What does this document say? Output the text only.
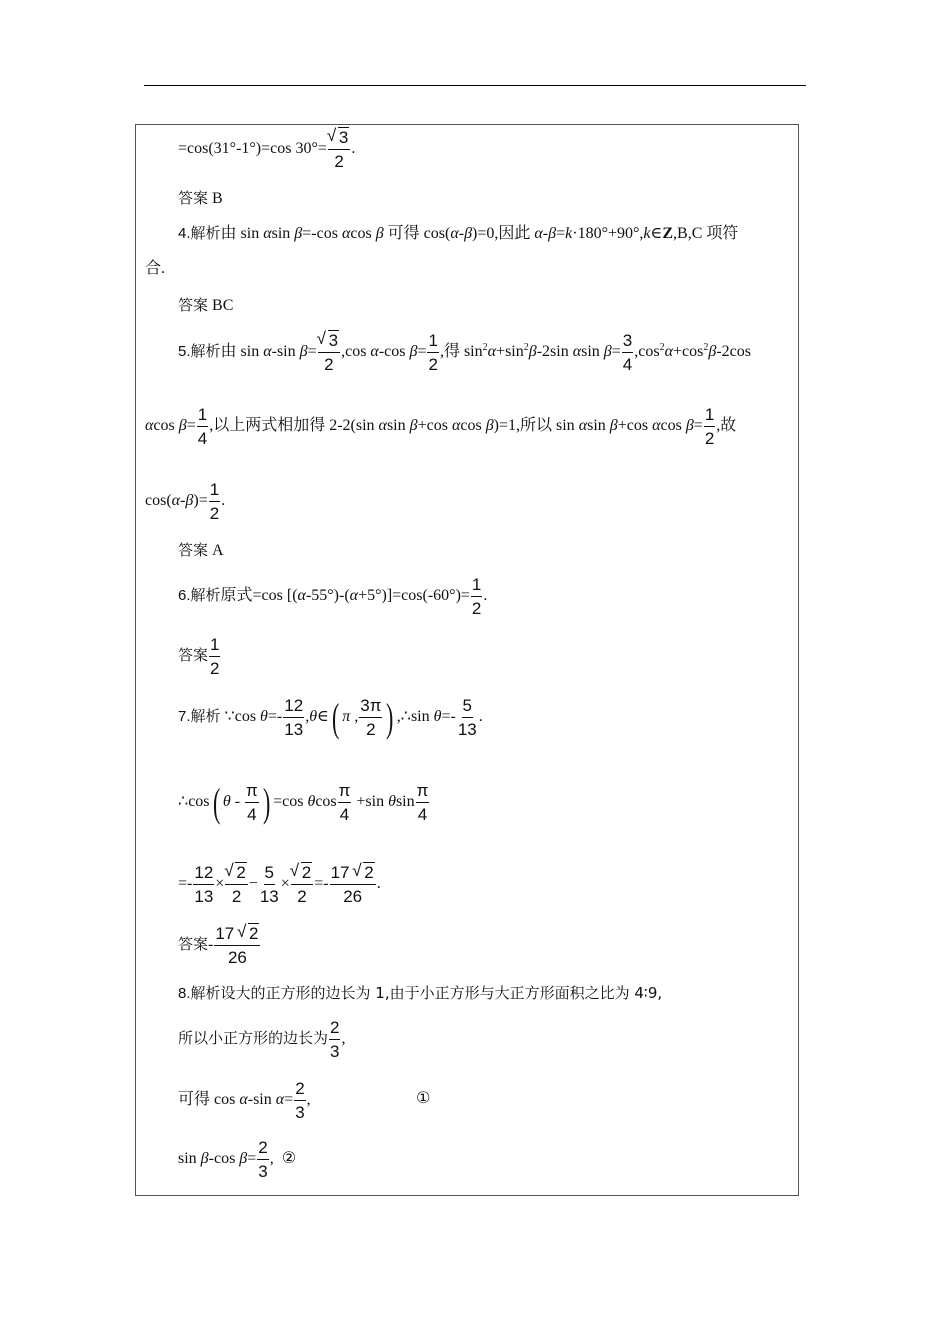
=cos(31°-1°)=cos 30°= √ $\frac{3}{2}$ .
答案 B
4.解析由 sin αsin β=-cos αcos β 可得 cos(α-β)=0,因此 α-β=k·180°+90°,k∈Z,B,C 项符
合.
答案 BC
5.解析由 sin α-sin β= √ $\frac{3}{2} ,\cos$ α-cos $\beta= \frac{1}{2}$ ,得 $\sin^2\alpha+\sin^2\beta-2\sin$ αsin $\beta= \frac{3}{4} ,\cos^2\alpha+\cos^2\beta-2\cos$
αcos $\beta= \frac{1}{4}$ ,以上两式相加得 2-2(sin αsin β+cos αcos β)=1,所以 sin αsin β+cos αcos $\beta= \frac{1}{2}$ ,故
$\cos(\alpha-\beta)= \frac{1}{2}$ .
答案 A
6.解析原式=cos $[(\alpha-55^\circ)-(\alpha+5^\circ)]=\cos(-60^\circ)= \frac{1}{2}$ .
答案 $\frac{1}{2}$
7.解析 ∵cos $\theta=- \frac{12}{13}$ ,θ∈( π , $\frac{3\pi}{2}$ ) ,∴sin $\theta=- \frac{5}{13}$ .
∴cos( θ - $\frac{\pi}{4}$ ) =cos θcos $\frac{\pi}{4} +\sin$ θsin $\frac{\pi}{4}$
=- $\frac{12}{13}$ × √ $\frac{2}{2} - \frac{5}{13}$ × √ $\frac{2}{2} =- \frac{17 √ 2}{26}$ .
答案- $\frac{17 √ 2}{26}$
8.解析设大的正方形的边长为 1,由于小正方形与大正方形面积之比为 4∶9,
所以小正方形的边长为 $\frac{2}{3}$ ,
可得 cos α-sin $\alpha= \frac{2}{3}$ ,	①
sin β-cos $\beta= \frac{2}{3}$ , ②
